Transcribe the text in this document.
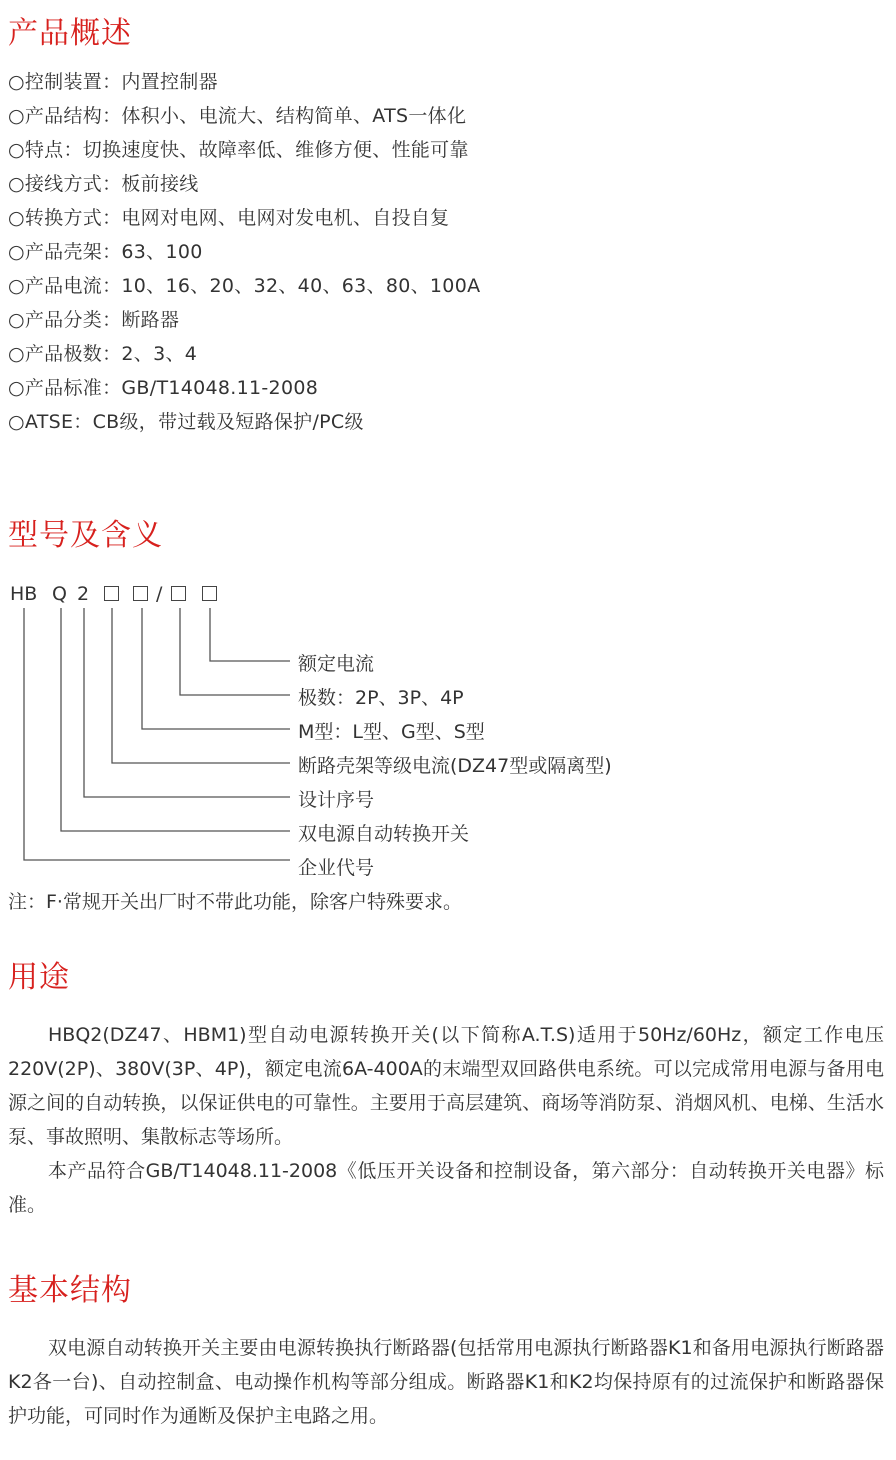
产品概述
○控制装置：内置控制器
○产品结构：体积小、电流大、结构简单、ATS一体化
○特点：切换速度快、故障率低、维修方便、性能可靠
○接线方式：板前接线
○转换方式：电网对电网、电网对发电机、自投自复
○产品壳架：63、100
○产品电流：10、16、20、32、40、63、80、100A
○产品分类：断路器
○产品极数：2、3、4
○产品标准：GB/T14048.11-2008
○ATSE：CB级，带过载及短路保护/PC级
型号及含义
HB Q 2	/
额定电流
极数：2P、3P、4P
M型：L型、G型、S型
断路壳架等级电流(DZ47型或隔离型)
设计序号
双电源自动转换开关
企业代号
注：F·常规开关出厂时不带此功能，除客户特殊要求。
用途

HBQ2(DZ47、HBM1)型自动电源转换开关(以下简称A.T.S)适用于50Hz/60Hz，额定工作电压220V(2P)、380V(3P、4P)，额定电流6A-400A的末端型双回路供电系统。可以完成常用电源与备用电源之间的自动转换，以保证供电的可靠性。主要用于高层建筑、商场等消防泵、消烟风机、电梯、生活水泵、事故照明、集散标志等场所。
本产品符合GB/T14048.11-2008《低压开关设备和控制设备，第六部分：自动转换开关电器》标准。

基本结构

双电源自动转换开关主要由电源转换执行断路器(包括常用电源执行断路器K1和备用电源执行断路器K2各一台)、自动控制盒、电动操作机构等部分组成。断路器K1和K2均保持原有的过流保护和断路器保护功能，可同时作为通断及保护主电路之用。
